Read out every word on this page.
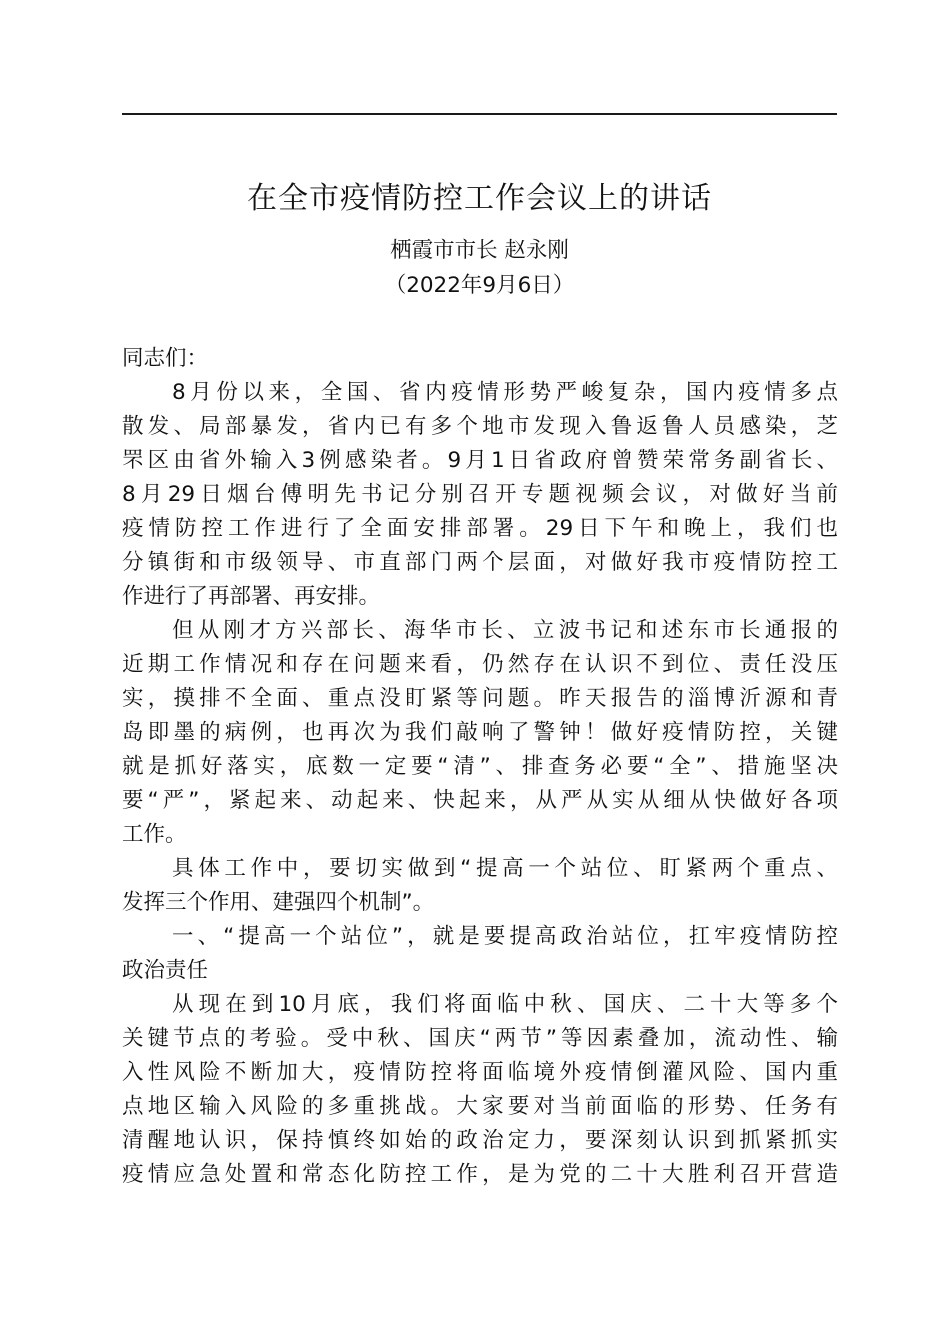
在全市疫情防控工作会议上的讲话
栖霞市市长 赵永刚
（2022年9月6日）
同志们：
8月份以来，全国、省内疫情形势严峻复杂，国内疫情多点
散发、局部暴发，省内已有多个地市发现入鲁返鲁人员感染，芝
罘区由省外输入3例感染者。9月1日省政府曾赞荣常务副省长、
8月29日烟台傅明先书记分别召开专题视频会议，对做好当前
疫情防控工作进行了全面安排部署。29日下午和晚上，我们也
分镇街和市级领导、市直部门两个层面，对做好我市疫情防控工
作进行了再部署、再安排。
但从刚才方兴部长、海华市长、立波书记和述东市长通报的
近期工作情况和存在问题来看，仍然存在认识不到位、责任没压
实，摸排不全面、重点没盯紧等问题。昨天报告的淄博沂源和青
岛即墨的病例，也再次为我们敲响了警钟！做好疫情防控，关键
就是抓好落实，底数一定要“清”、排查务必要“全”、措施坚决
要“严”，紧起来、动起来、快起来，从严从实从细从快做好各项
工作。
具体工作中，要切实做到“提高一个站位、盯紧两个重点、
发挥三个作用、建强四个机制”。
一、“提高一个站位”，就是要提高政治站位，扛牢疫情防控
政治责任
从现在到10月底，我们将面临中秋、国庆、二十大等多个
关键节点的考验。受中秋、国庆“两节”等因素叠加，流动性、输
入性风险不断加大，疫情防控将面临境外疫情倒灌风险、国内重
点地区输入风险的多重挑战。大家要对当前面临的形势、任务有
清醒地认识，保持慎终如始的政治定力，要深刻认识到抓紧抓实
疫情应急处置和常态化防控工作，是为党的二十大胜利召开营造
